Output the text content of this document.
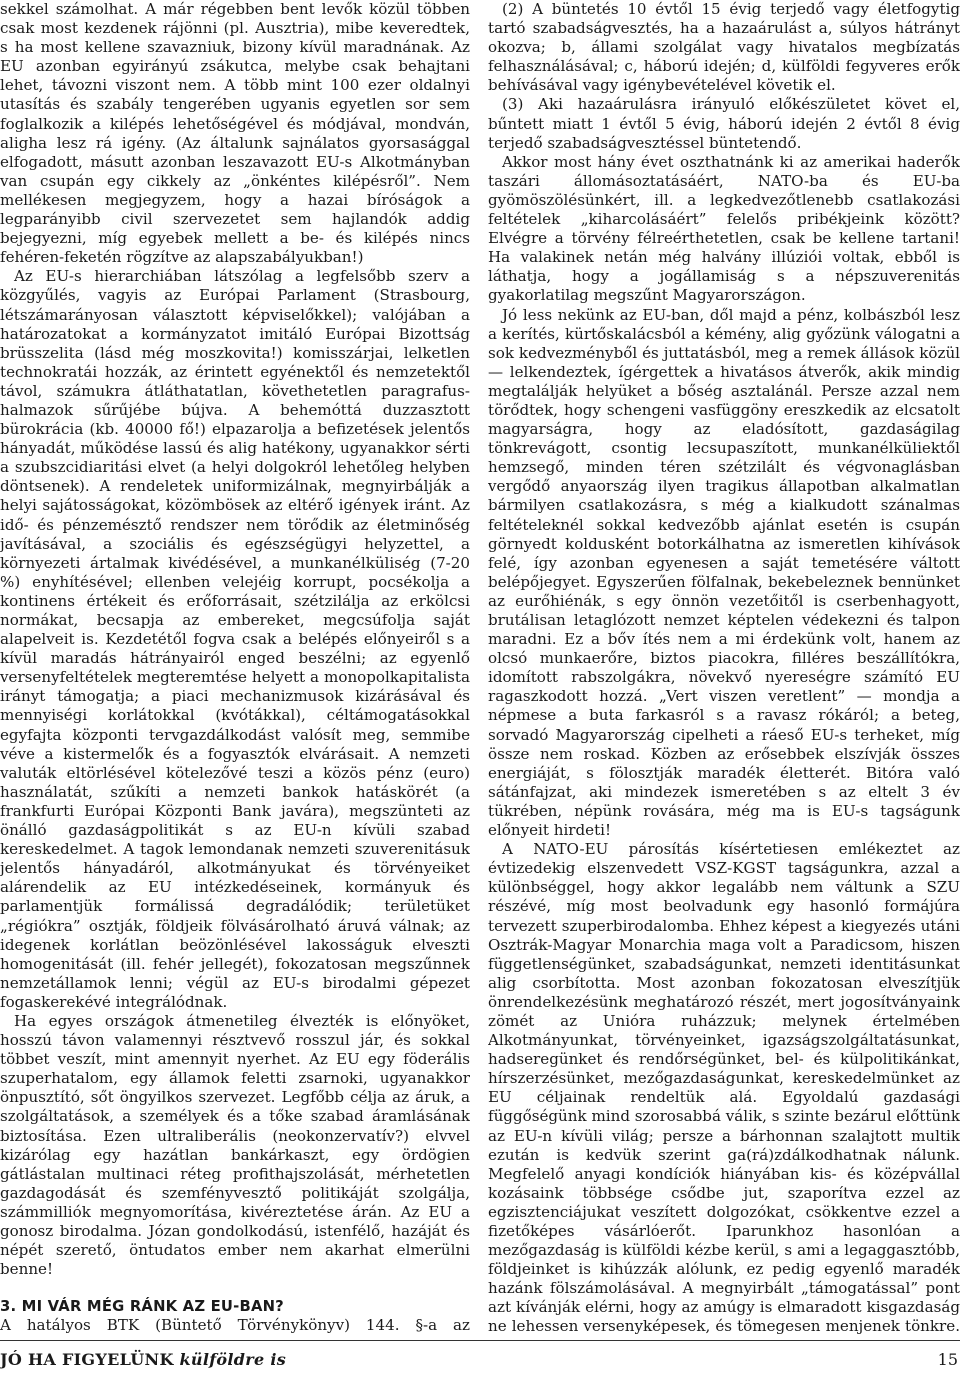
sekkel számolhat. A már régebben bent levők közül többen csak most kezdenek rájönni (pl. Ausztria), mibe keveredtek, s ha most kellene szavazniuk, bizony kívül maradnának. Az EU azonban egyirányú zsákutca, melybe csak behajtani lehet, távozni viszont nem. A több mint 100 ezer oldalnyi utasítás és szabály tengerében ugyanis egyetlen sor sem foglalkozik a kilépés lehetőségével és módjával, mondván, aligha lesz rá igény. (Az általunk sajnálatos gyorsasággal elfogadott, másutt azonban leszavazott EU-s Alkotmányban van csupán egy cikkely az „önkéntes kilépésről”. Nem mellékesen megjegyzem, hogy a hazai bíróságok a legparányibb civil szervezetet sem hajlandók addig bejegyezni, míg egyebek mellett a be- és kilépés nincs fehéren-feketén rögzítve az alapszabályukban!)

Az EU-s hierarchiában látszólag a legfelsőbb szerv a közgyűlés, vagyis az Európai Parlament (Strasbourg, létszámarányosan választott képviselőkkel); valójában a határozatokat a kormányzatot imitáló Európai Bizottság brüsszelita (lásd még moszkovita!) komisszárjai, lelketlen technokratái hozzák, az érintett egyénektől és nemzetektől távol, számukra átláthatatlan, követhetetlen paragrafus-halmazok sűrűjébe bújva. A behemóttá duzzasztott bürokrácia (kb. 40000 fő!) elpazarolja a befizetések jelentős hányadát, működése lassú és alig hatékony, ugyanakkor sérti a szubszcidiaritási elvet (a helyi dolgokról lehetőleg helyben döntsenek). A rendeletek uniformizálnak, megnyirbálják a helyi sajátosságokat, közömbösek az eltérő igények iránt. Az idő- és pénzemésztő rendszer nem törődik az életminőség javításával, a szociális és egészségügyi helyzettel, a környezeti ártalmak kivédésével, a munkanélküliség (7-20 %) enyhítésével; ellenben velejéig korrupt, pocsékolja a kontinens értékeit és erőforrásait, szétzilálja az erkölcsi normákat, becsapja az embereket, megcsúfolja saját alapelveit is. Kezdetétől fogva csak a belépés előnyeiről s a kívül maradás hátrányairól enged beszélni; az egyenlő versenyfeltételek megteremtése helyett a monopolkapitalista irányt támogatja; a piaci mechanizmusok kizárásával és mennyiségi korlátokkal (kvótákkal), céltámogatásokkal egyfajta központi tervgazdálkodást valósít meg, semmibe véve a kistermelők és a fogyasztók elvárásait. A nemzeti valuták eltörlésével kötelezővé teszi a közös pénz (euro) használatát, szűkíti a nemzeti bankok hatáskörét (a frankfurti Európai Központi Bank javára), megszünteti az önálló gazdaságpolitikát s az EU-n kívüli szabad kereskedelmet. A tagok lemondanak nemzeti szuverenitásuk jelentős hányadáról, alkotmányukat és törvényeiket alárendelik az EU intézkedéseinek, kormányuk és parlamentjük formálissá degradálódik; területüket „régiókra” osztják, földjeik fölvásárolható áruvá válnak; az idegenek korlátlan beözönlésével lakosságuk elveszti homogenitását (ill. fehér jellegét), fokozatosan megszűnnek nemzetállamok lenni; végül az EU-s birodalmi gépezet fogaskerekévé integrálódnak.

Ha egyes országok átmenetileg élvezték is előnyöket, hosszú távon valamennyi résztvevő rosszul jár, és sokkal többet veszít, mint amennyit nyerhet. Az EU egy föderális szuperhatalom, egy államok feletti zsarnoki, ugyanakkor önpusztító, sőt öngyilkos szervezet. Legfőbb célja az áruk, a szolgáltatások, a személyek és a tőke szabad áramlásának biztosítása. Ezen ultraliberális (neokonzervatív?) elvvel kizárólag egy hazátlan bankárkaszt, egy ördögien gátlástalan multinaci réteg profithajszolását, mérhetetlen gazdagodását és szemfényvesztő politikáját szolgálja, számmilliók megnyomorítása, kivéreztetése árán. Az EU a gonosz birodalma. Józan gondolkodású, istenfélő, hazáját és népét szerető, öntudatos ember nem akarhat elmerülni benne!

3. MI VÁR MÉG RÁNK AZ EU-BAN?

A hatályos BTK (Büntető Törvénykönyv) 144. §-a az

(2) A büntetés 10 évtől 15 évig terjedő vagy életfogytig tartó szabadságvesztés, ha a hazaárulást a, súlyos hátrányt okozva; b, állami szolgálat vagy hivatalos megbízatás felhasználásával; c, háború idején; d, külföldi fegyveres erők behívásával vagy igénybevételével követik el.

(3) Aki hazaárulásra irányuló előkészületet követ el, bűntett miatt 1 évtől 5 évig, háború idején 2 évtől 8 évig terjedő szabadságvesztéssel büntetendő.

Akkor most hány évet oszthatnánk ki az amerikai haderők taszári állomásoztatásáért, NATO-ba és EU-ba gyömöszölésünkért, ill. a legkedvezőtlenebb csatlakozási feltételek „kiharcolásáért” felelős pribékjeink között? Elvégre a törvény félreérthetetlen, csak be kellene tartani! Ha valakinek netán még halvány illúziói voltak, ebből is láthatja, hogy a jogállamiság s a népszuverenitás gyakorlatilag megszűnt Magyarországon.

Jó less nekünk az EU-ban, dől majd a pénz, kolbászból lesz a kerítés, kürtőskalácsból a kémény, alig győzünk válogatni a sok kedvezményből és juttatásból, meg a remek állások közül — lelkendeztek, ígérgettek a hivatásos átverők, akik mindig megtalálják helyüket a bőség asztalánál. Persze azzal nem törődtek, hogy schengeni vasfüggöny ereszkedik az elcsatolt magyarságra, hogy az eladósított, gazdaságilag tönkrevágott, csontig lecsupaszított, munkanélküliektől hemzsegő, minden téren szétzilált és végvonaglásban vergődő anyaország ilyen tragikus állapotban alkalmatlan bármilyen csatlakozásra, s még a kialkudott szánalmas feltételeknél sokkal kedvezőbb ajánlat esetén is csupán görnyedt koldusként botorkálhatna az ismeretlen kihívások felé, így azonban egyenesen a saját temetésére váltott belépőjegyet. Egyszerűen fölfalnak, bekebeleznek bennünket az eurőhiénák, s egy önnön vezetőitől is cserbenhagyott, brutálisan letaglózott nemzet képtelen védekezni és talpon maradni. Ez a bőv ítés nem a mi érdekünk volt, hanem az olcsó munkaerőre, biztos piacokra, filléres beszállítókra, idomított rabszolgákra, növekvő nyereségre számító EU ragaszkodott hozzá. „Vert viszen veretlent” — mondja a népmese a buta farkasról s a ravasz rókáról; a beteg, sorvadó Magyarország cipelheti a ráeső EU-s terheket, míg össze nem roskad. Közben az erősebbek elszívják összes energiáját, s fölosztják maradék életterét. Bitóra való sátánfajzat, aki mindezek ismeretében s az eltelt 3 év tükrében, népünk rovására, még ma is EU-s tagságunk előnyeit hirdeti!

A NATO-EU párosítás kísértetiesen emlékeztet az évtizedekig elszenvedett VSZ-KGST tagságunkra, azzal a különbséggel, hogy akkor legalább nem váltunk a SZU részévé, míg most beolvadunk egy hasonló formájúra tervezett szuperbirodalomba. Ehhez képest a kiegyezés utáni Osztrák-Magyar Monarchia maga volt a Paradicsom, hiszen függetlenségünket, szabadságunkat, nemzeti identitásunkat alig csorbította. Most azonban fokozatosan elveszítjük önrendelkezésünk meghatározó részét, mert jogosítványaink zömét az Unióra ruházzuk; melynek értelmében Alkotmányunkat, törvényeinket, igazságszolgáltatásunkat, hadseregünket és rendőrségünket, bel- és külpolitikánkat, hírszerzésünket, mezőgazdaságunkat, kereskedelmünket az EU céljainak rendeltük alá. Egyoldalú gazdasági függőségünk mind szorosabbá válik, s szinte bezárul előttünk az EU-n kívüli világ; persze a bárhonnan szalajtott multik ezután is kedvük szerint ga(rá)zdálkodhatnak nálunk. Megfelelő anyagi kondíciók hiányában kis- és középvállal kozásaink többsége csődbe jut, szaporítva ezzel az egzisztenciájukat veszített dolgozókat, csökkentve ezzel a fizetőképes vásárlóerőt. Iparunkhoz hasonlóan a mezőgazdaság is külföldi kézbe kerül, s ami a legaggasztóbb, földjeinket is kihúzzák alólunk, ez pedig egyenlő maradék hazánk fölszámolásával. A megnyirbált „támogatással” pont azt kívánják elérni, hogy az amúgy is elmaradott kisgazdaság ne lehessen versenyképesek, és tömegesen menjenek tönkre.

JÓ HA FIGYELÜNK külföldre is	15
